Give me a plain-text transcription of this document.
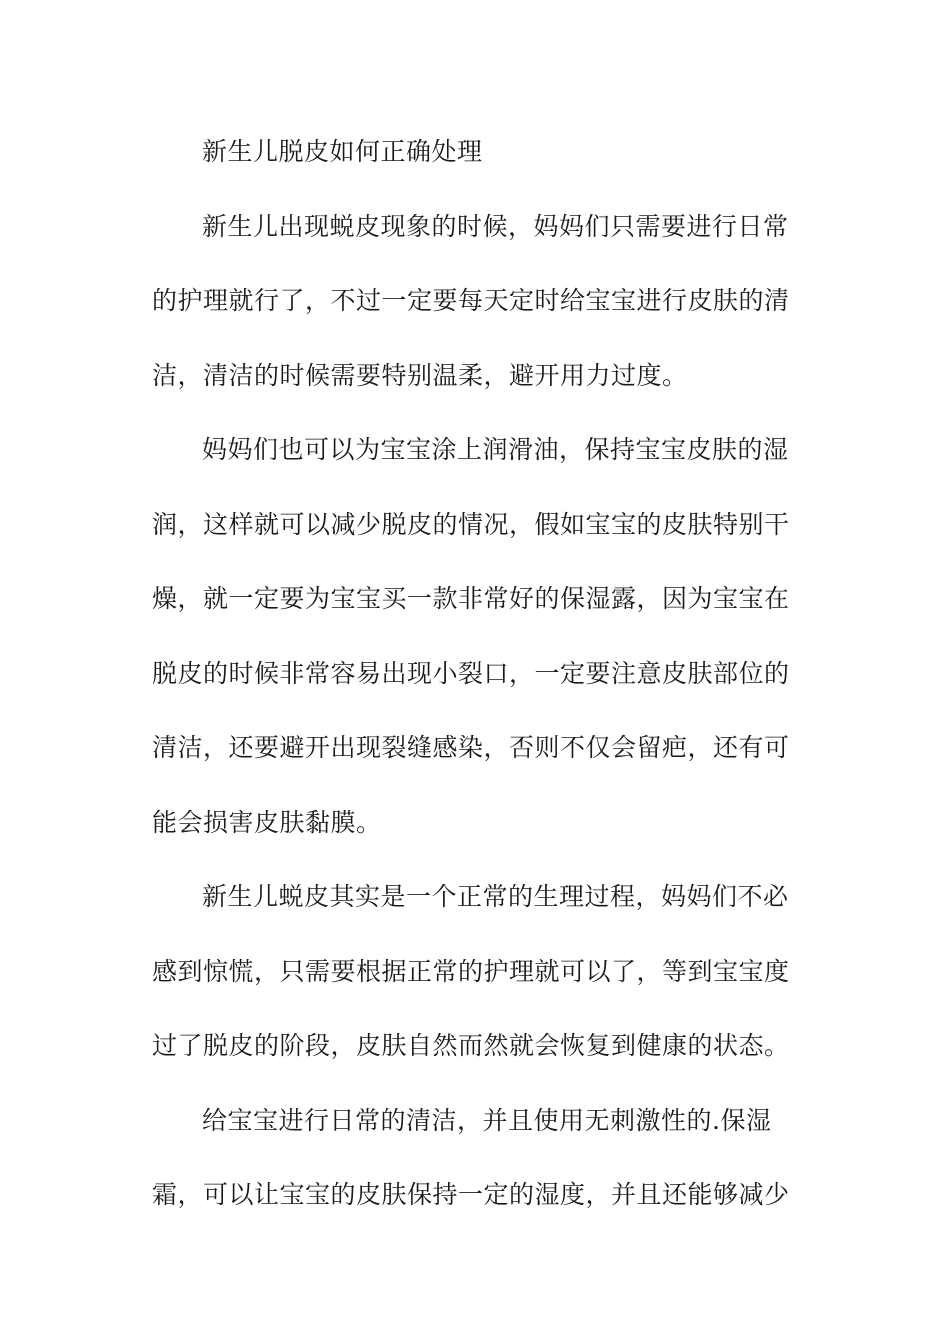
新生儿脱皮如何正确处理
新生儿出现蜕皮现象的时候，妈妈们只需要进行日常
的护理就行了，不过一定要每天定时给宝宝进行皮肤的清
洁，清洁的时候需要特别温柔，避开用力过度。
妈妈们也可以为宝宝涂上润滑油，保持宝宝皮肤的湿
润，这样就可以减少脱皮的情况，假如宝宝的皮肤特别干
燥，就一定要为宝宝买一款非常好的保湿露，因为宝宝在
脱皮的时候非常容易出现小裂口，一定要注意皮肤部位的
清洁，还要避开出现裂缝感染，否则不仅会留疤，还有可
能会损害皮肤黏膜。
新生儿蜕皮其实是一个正常的生理过程，妈妈们不必
感到惊慌，只需要根据正常的护理就可以了，等到宝宝度
过了脱皮的阶段，皮肤自然而然就会恢复到健康的状态。
给宝宝进行日常的清洁，并且使用无刺激性的.保湿
霜，可以让宝宝的皮肤保持一定的湿度，并且还能够减少
